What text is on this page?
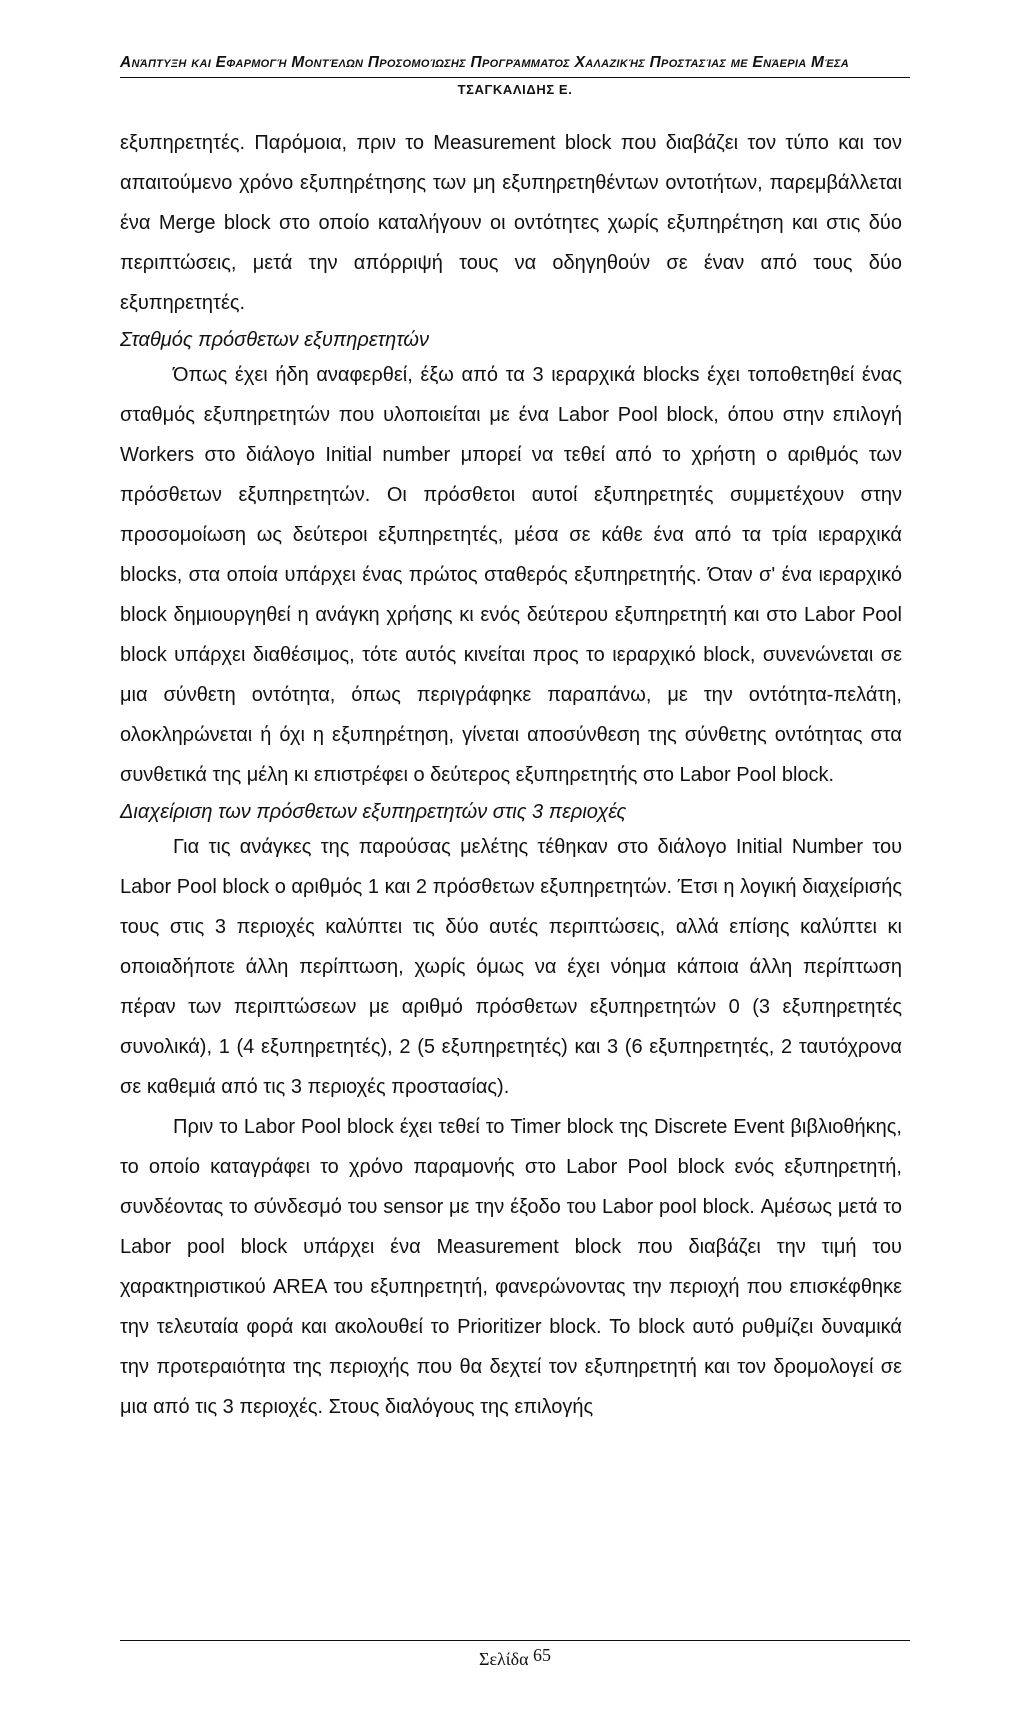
Ανάπτυξη και Εφαρμογή Μοντέλων Προσομοίωσης Προγράμματος Χαλαζικής Προστασίας με Ενάερια Μέσα

ΤΣΑΓΚΑΛΙΔΗΣ Ε.

εξυπηρετητές. Παρόμοια, πριν το Measurement block που διαβάζει τον τύπο και τον απαιτούμενο χρόνο εξυπηρέτησης των μη εξυπηρετηθέντων οντοτήτων, παρεμβάλλεται ένα Merge block στο οποίο καταλήγουν οι οντότητες χωρίς εξυπηρέτηση και στις δύο περιπτώσεις, μετά την απόρριψή τους να οδηγηθούν σε έναν από τους δύο εξυπηρετητές.

Σταθμός πρόσθετων εξυπηρετητών

Όπως έχει ήδη αναφερθεί, έξω από τα 3 ιεραρχικά blocks έχει τοποθετηθεί ένας σταθμός εξυπηρετητών που υλοποιείται με ένα Labor Pool block, όπου στην επιλογή Workers στο διάλογο Initial number μπορεί να τεθεί από το χρήστη ο αριθμός των πρόσθετων εξυπηρετητών. Οι πρόσθετοι αυτοί εξυπηρετητές συμμετέχουν στην προσομοίωση ως δεύτεροι εξυπηρετητές, μέσα σε κάθε ένα από τα τρία ιεραρχικά blocks, στα οποία υπάρχει ένας πρώτος σταθερός εξυπηρετητής. Όταν σ' ένα ιεραρχικό block δημιουργηθεί η ανάγκη χρήσης κι ενός δεύτερου εξυπηρετητή και στο Labor Pool block υπάρχει διαθέσιμος, τότε αυτός κινείται προς το ιεραρχικό block, συνενώνεται σε μια σύνθετη οντότητα, όπως περιγράφηκε παραπάνω, με την οντότητα-πελάτη, ολοκληρώνεται ή όχι η εξυπηρέτηση, γίνεται αποσύνθεση της σύνθετης οντότητας στα συνθετικά της μέλη κι επιστρέφει ο δεύτερος εξυπηρετητής στο Labor Pool block.

Διαχείριση των πρόσθετων εξυπηρετητών στις 3 περιοχές

Για τις ανάγκες της παρούσας μελέτης τέθηκαν στο διάλογο Initial Number του Labor Pool block ο αριθμός 1 και 2 πρόσθετων εξυπηρετητών. Έτσι η λογική διαχείρισής τους στις 3 περιοχές καλύπτει τις δύο αυτές περιπτώσεις, αλλά επίσης καλύπτει κι οποιαδήποτε άλλη περίπτωση, χωρίς όμως να έχει νόημα κάποια άλλη περίπτωση πέραν των περιπτώσεων με αριθμό πρόσθετων εξυπηρετητών 0 (3 εξυπηρετητές συνολικά), 1 (4 εξυπηρετητές), 2 (5 εξυπηρετητές) και 3 (6 εξυπηρετητές, 2 ταυτόχρονα σε καθεμιά από τις 3 περιοχές προστασίας).

Πριν το Labor Pool block έχει τεθεί το Timer block της Discrete Event βιβλιοθήκης, το οποίο καταγράφει το χρόνο παραμονής στο Labor Pool block ενός εξυπηρετητή, συνδέοντας το σύνδεσμό του sensor με την έξοδο του Labor pool block. Αμέσως μετά το Labor pool block υπάρχει ένα Measurement block που διαβάζει την τιμή του χαρακτηριστικού AREA του εξυπηρετητή, φανερώνοντας την περιοχή που επισκέφθηκε την τελευταία φορά και ακολουθεί το Prioritizer block. Το block αυτό ρυθμίζει δυναμικά την προτεραιότητα της περιοχής που θα δεχτεί τον εξυπηρετητή και τον δρομολογεί σε μια από τις 3 περιοχές. Στους διαλόγους της επιλογής

Σελίδα 65
